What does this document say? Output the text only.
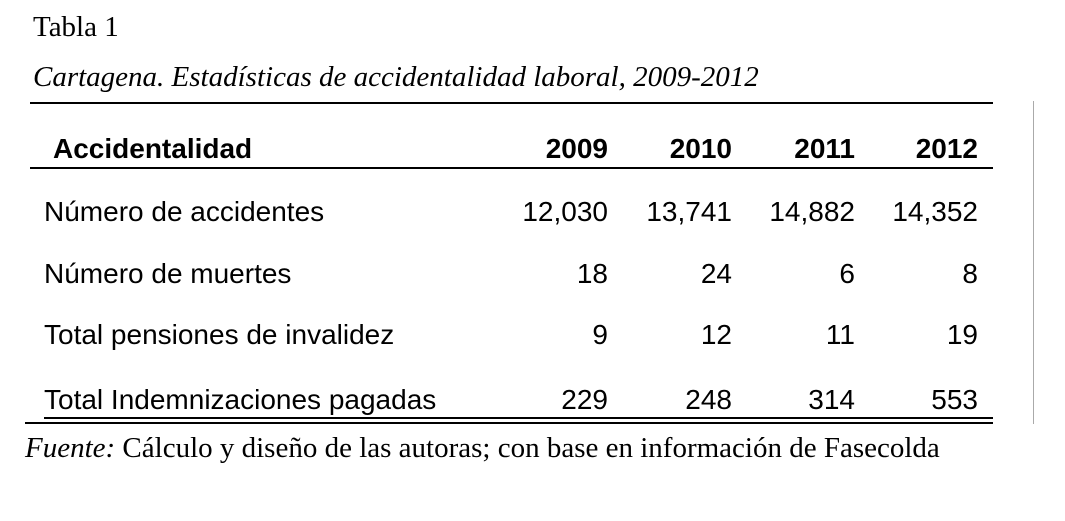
Tabla 1
Cartagena. Estadísticas de accidentalidad laboral, 2009-2012
Accidentalidad	2009	2010	2011	2012
Número de accidentes	12,030	13,741	14,882	14,352
Número de muertes	18	24	6	8
Total pensiones de invalidez	9	12	11	19
Total Indemnizaciones pagadas	229	248	314	553
Fuente: Cálculo y diseño de las autoras; con base en información de Fasecolda
